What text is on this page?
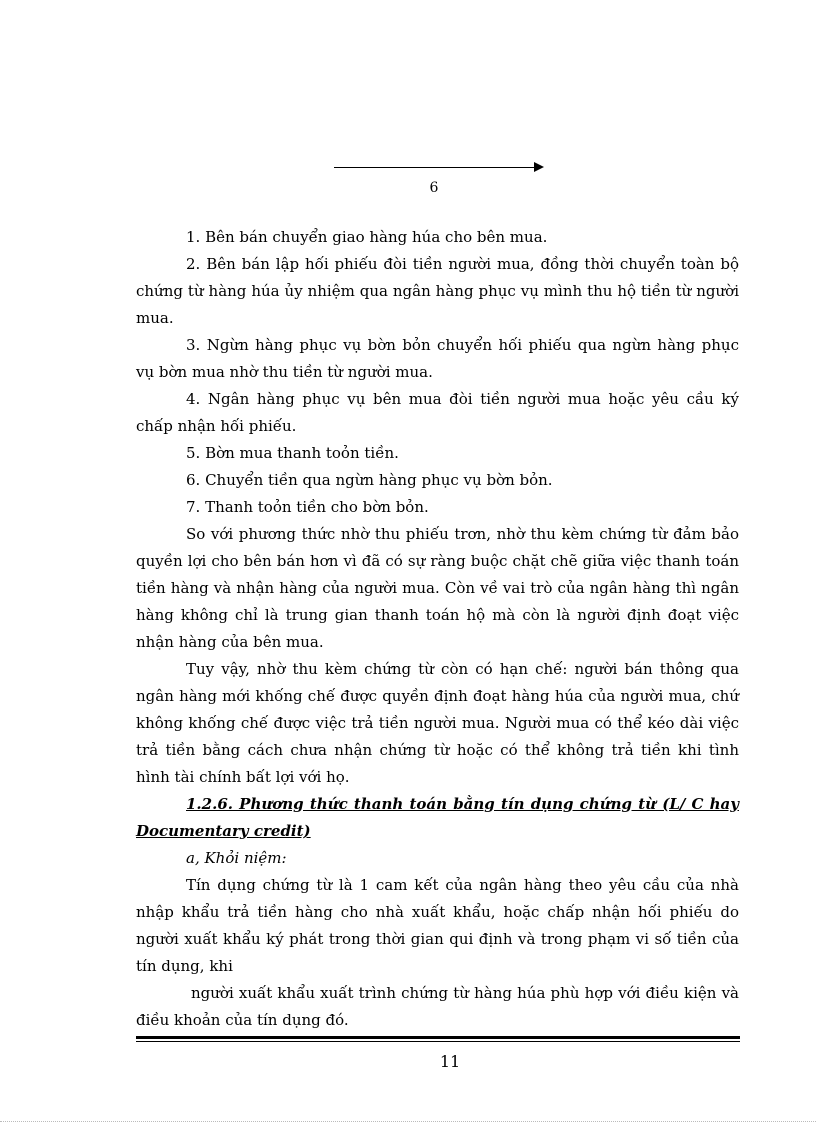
6

1. Bên bán chuyển giao hàng húa cho bên mua.

2. Bên bán lập hối phiếu đòi tiền người mua, đồng thời chuyển toàn bộ chứng từ hàng húa ủy nhiệm qua ngân hàng phục vụ mình thu hộ tiền từ người mua.

3. Ngừn hàng phục vụ bờn bỏn chuyển hối phiếu qua ngừn hàng phục vụ bờn mua nhờ thu tiền từ người mua.

4. Ngân hàng phục vụ bên mua đòi tiền người mua hoặc yêu cầu ký chấp nhận hối phiếu.

5. Bờn mua thanh toỏn tiền.

6. Chuyển tiền qua ngừn hàng phục vụ bờn bỏn.

7. Thanh toỏn tiền cho bờn bỏn.

So với phương thức nhờ thu phiếu trơn, nhờ thu kèm chứng từ đảm bảo quyền lợi cho bên bán hơn vì đã có sự ràng buộc chặt chẽ giữa việc thanh toán tiền hàng và nhận hàng của người mua. Còn về vai trò của ngân hàng thì ngân hàng không chỉ là trung gian thanh toán hộ mà còn là người định đoạt việc nhận hàng của bên mua.

Tuy vậy, nhờ thu kèm chứng từ còn có hạn chế: người bán thông qua ngân hàng mới khống chế được quyền định đoạt hàng húa của người mua, chứ không khống chế được việc trả tiền người mua. Người mua có thể kéo dài việc trả tiền bằng cách chưa nhận chứng từ hoặc có thể không trả tiền khi tình hình tài chính bất lợi với họ.

1.2.6. Phương thức thanh toán bằng tín dụng chứng từ (L/ C hay Documentary credit)

a, Khỏi niệm:

Tín dụng chứng từ là 1 cam kết của ngân hàng theo yêu cầu của nhà nhập khẩu trả tiền hàng cho nhà xuất khẩu, hoặc chấp nhận hối phiếu do người xuất khẩu ký phát trong thời gian qui định và trong phạm vi số tiền của tín dụng, khi

người xuất khẩu xuất trình chứng từ hàng húa phù hợp với điều kiện và điều khoản của tín dụng đó.

11
